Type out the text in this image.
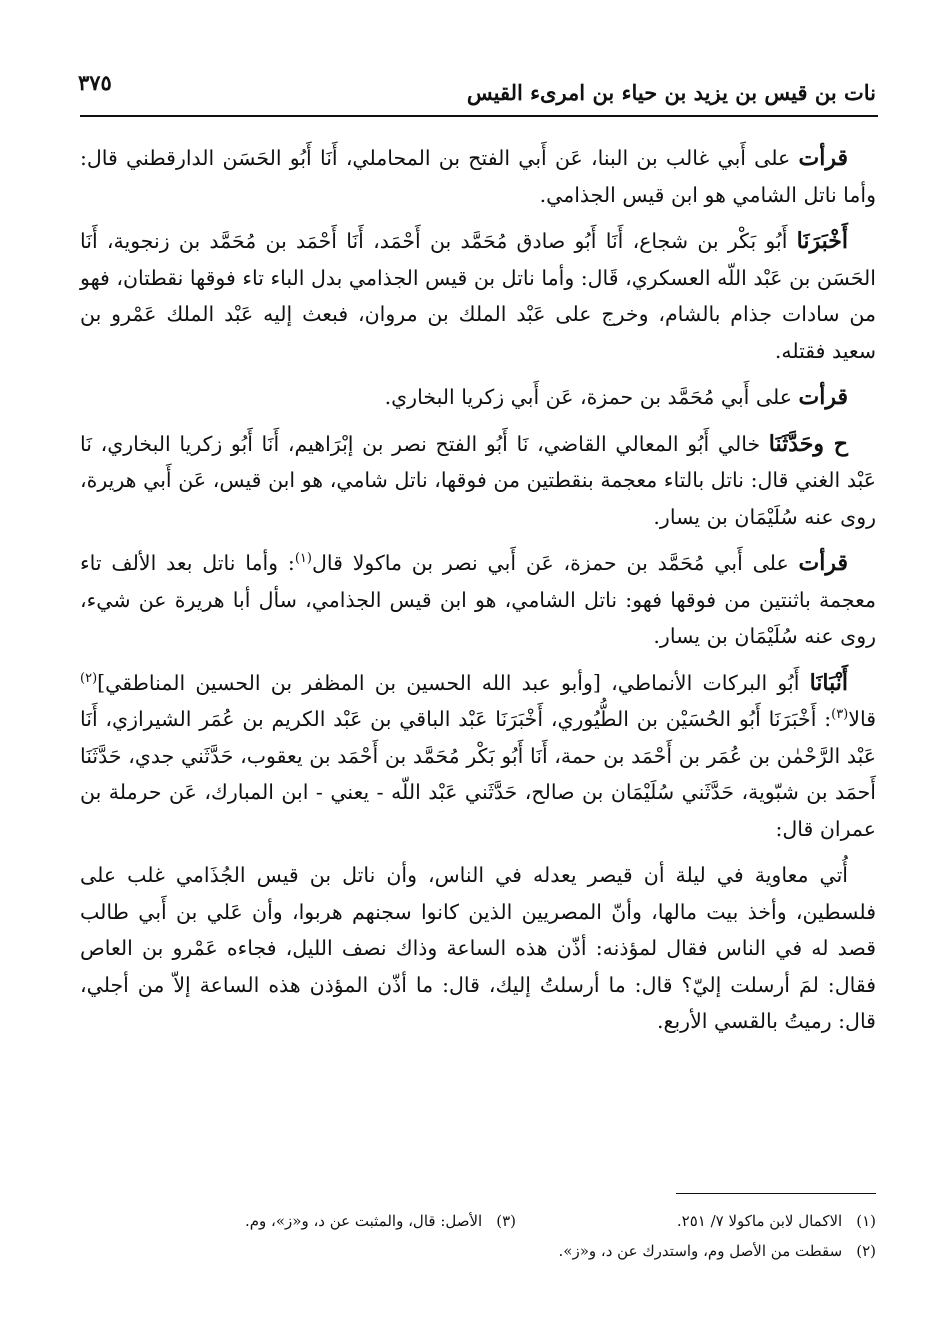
نات بن قيس بن يزيد بن حياء بن امرىء القيس
٣٧٥

قرأت على أَبي غالب بن البنا، عَن أَبي الفتح بن المحاملي، أَنَا أَبُو الحَسَن الدارقطني قال: وأما ناتل الشامي هو ابن قيس الجذامي.

أَخْبَرَنَا أَبُو بَكْر بن شجاع، أَنَا أَبُو صادق مُحَمَّد بن أَحْمَد، أَنَا أَحْمَد بن مُحَمَّد بن زنجوية، أَنَا الحَسَن بن عَبْد اللّه العسكري، قَال: وأما ناتل بن قيس الجذامي بدل الباء تاء فوقها نقطتان، فهو من سادات جذام بالشام، وخرج على عَبْد الملك بن مروان، فبعث إليه عَبْد الملك عَمْرو بن سعيد فقتله.

قرأت على أَبي مُحَمَّد بن حمزة، عَن أَبي زكريا البخاري.

ح وحَدَّثَنَا خالي أَبُو المعالي القاضي، نَا أَبُو الفتح نصر بن إبْرَاهيم، أَنَا أَبُو زكريا البخاري، نَا عَبْد الغني قال: ناتل بالتاء معجمة بنقطتين من فوقها، ناتل شامي، هو ابن قيس، عَن أَبي هريرة، روى عنه سُلَيْمَان بن يسار.

قرأت على أَبي مُحَمَّد بن حمزة، عَن أَبي نصر بن ماكولا قال$^{(١)}$: وأما ناتل بعد الألف تاء معجمة باثنتين من فوقها فهو: ناتل الشامي، هو ابن قيس الجذامي، سأل أبا هريرة عن شيء، روى عنه سُلَيْمَان بن يسار.

أَنْبَانَا أَبُو البركات الأنماطي، [وأبو عبد الله الحسين بن المظفر بن الحسين المناطقي]$^{(٢)}$ قالا$^{(٣)}$: أَخْبَرَنَا أَبُو الحُسَيْن بن الطُّيُوري، أَخْبَرَنَا عَبْد الباقي بن عَبْد الكريم بن عُمَر الشيرازي، أَنَا عَبْد الرَّحْمٰن بن عُمَر بن أَحْمَد بن حمة، أَنَا أَبُو بَكْر مُحَمَّد بن أَحْمَد بن يعقوب، حَدَّثَني جدي، حَدَّثَنَا أَحمَد بن شبّوية، حَدَّثَني سُلَيْمَان بن صالح، حَدَّثَني عَبْد اللّه - يعني - ابن المبارك، عَن حرملة بن عمران قال:

أُتي معاوية في ليلة أن قيصر يعدله في الناس، وأن ناتل بن قيس الجُذَامي غلب على فلسطين، وأخذ بيت مالها، وأنّ المصريين الذين كانوا سجنهم هربوا، وأن عَلي بن أَبي طالب قصد له في الناس فقال لمؤذنه: أذّن هذه الساعة وذاك نصف الليل، فجاءه عَمْرو بن العاص فقال: لمَ أرسلت إليّ؟ قال: ما أرسلتُ إليك، قال: ما أذّن المؤذن هذه الساعة إلاّ من أجلي، قال: رميتُ بالقسي الأربع.

(١)الاكمال لابن ماكولا ٧/ ٢٥١.
(٣)الأصل: قال، والمثبت عن د، و«ز»، وم.
(٢)سقطت من الأصل وم، واستدرك عن د، و«ز».
